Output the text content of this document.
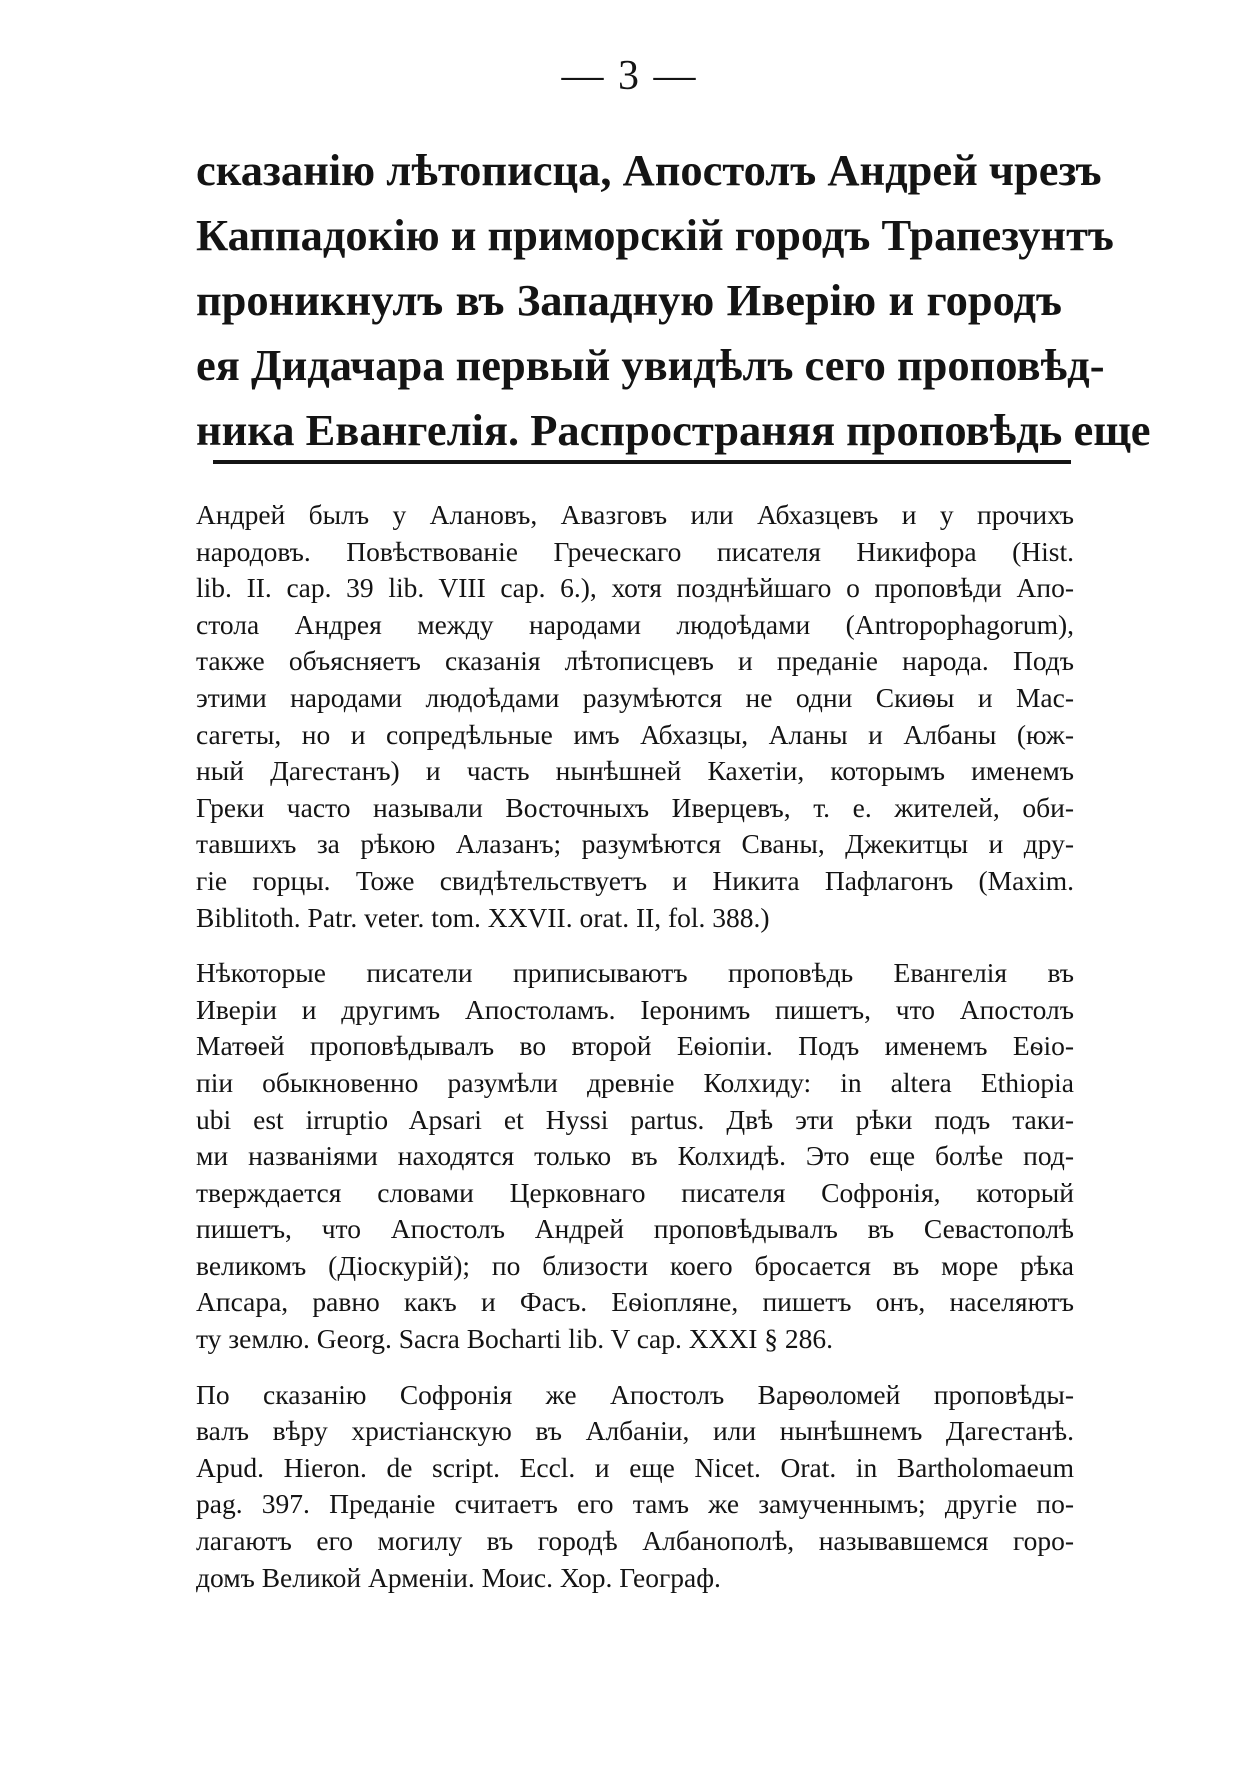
— 3 —
сказанію лѣтописца, Апостолъ Андрей чрезъ
Каппадокію и приморскій городъ Трапезунтъ
проникнулъ въ Западную Иверію и городъ
ея Дидачара первый увидѣлъ сего проповѣд-
ника Евангелія. Распространяя проповѣдь еще
Андрей былъ у Алановъ, Авазговъ или Абхазцевъ и у прочихъ
народовъ. Повѣствованіе Греческаго писателя Никифора (Hist.
lib. II. cap. 39 lib. VIII cap. 6.), хотя позднѣйшаго о проповѣди Апо-
стола Андрея между народами людоѣдами (Antropophagorum),
также объясняетъ сказанія лѣтописцевъ и преданіе народа. Подъ
этими народами людоѣдами разумѣются не одни Скиѳы и Мас-
сагеты, но и сопредѣльные имъ Абхазцы, Аланы и Албаны (юж-
ный Дагестанъ) и часть нынѣшней Кахетіи, которымъ именемъ
Греки часто называли Восточныхъ Иверцевъ, т. е. жителей, оби-
тавшихъ за рѣкою Алазанъ; разумѣются Сваны, Джекитцы и дру-
гіе горцы. Тоже свидѣтельствуетъ и Никита Пафлагонъ (Maxim.
Biblitoth. Patr. veter. tom. XXVII. orat. II, fol. 388.)
Нѣкоторые писатели приписываютъ проповѣдь Евангелія въ
Иверіи и другимъ Апостоламъ. Іеронимъ пишетъ, что Апостолъ
Матѳей проповѣдывалъ во второй Еѳіопіи. Подъ именемъ Еѳіо-
піи обыкновенно разумѣли древніе Колхиду: in altera Ethiopia
ubi est irruptio Apsari et Hyssi partus. Двѣ эти рѣки подъ таки-
ми названіями находятся только въ Колхидѣ. Это еще болѣе под-
тверждается словами Церковнаго писателя Софронія, который
пишетъ, что Апостолъ Андрей проповѣдывалъ въ Севастополѣ
великомъ (Діоскурій); по близости коего бросается въ море рѣка
Апсара, равно какъ и Фасъ. Еѳіопляне, пишетъ онъ, населяютъ
ту землю. Georg. Sacra Bocharti lib. V cap. XXXI § 286.
По сказанію Софронія же Апостолъ Варѳоломей проповѣды-
валъ вѣру христіанскую въ Албаніи, или нынѣшнемъ Дагестанѣ.
Apud. Hieron. de script. Eccl. и еще Nicet. Orat. in Bartholomaeum
pag. 397. Преданіе считаетъ его тамъ же замученнымъ; другіе по-
лагаютъ его могилу въ городѣ Албанополѣ, называвшемся горо-
домъ Великой Арменіи. Моис. Хор. Географ.
